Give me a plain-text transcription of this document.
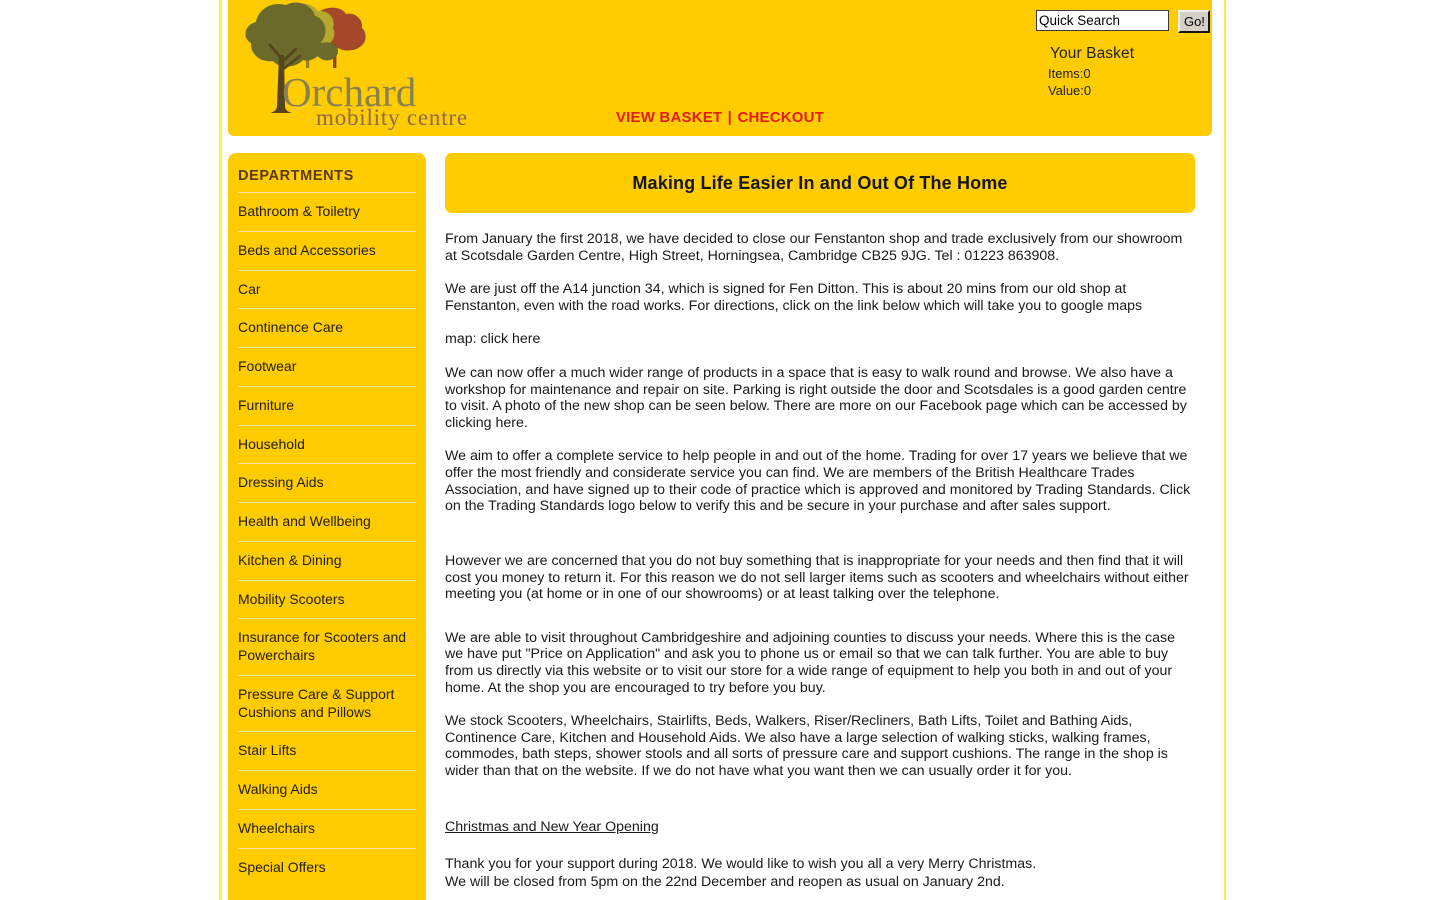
Orchard
mobility centre
Quick Search Go!
Your Basket
Items:0
Value:0
VIEW BASKET | CHECKOUT
DEPARTMENTS
Bathroom & Toiletry
Beds and Accessories
Car
Continence Care
Footwear
Furniture
Household
Dressing Aids
Health and Wellbeing
Kitchen & Dining
Mobility Scooters
Insurance for Scooters and Powerchairs
Pressure Care & Support Cushions and Pillows
Stair Lifts
Walking Aids
Wheelchairs
Special Offers
Making Life Easier In and Out Of The Home

From January the first 2018, we have decided to close our Fenstanton shop and trade exclusively from our showroom at Scotsdale Garden Centre, High Street, Horningsea, Cambridge CB25 9JG. Tel : 01223 863908.

We are just off the A14 junction 34, which is signed for Fen Ditton. This is about 20 mins from our old shop at Fenstanton, even with the road works. For directions, click on the link below which will take you to google maps

map: click here

We can now offer a much wider range of products in a space that is easy to walk round and browse. We also have a workshop for maintenance and repair on site. Parking is right outside the door and Scotsdales is a good garden centre to visit. A photo of the new shop can be seen below. There are more on our Facebook page which can be accessed by clicking here.

We aim to offer a complete service to help people in and out of the home. Trading for over 17 years we believe that we offer the most friendly and considerate service you can find. We are members of the British Healthcare Trades Association, and have signed up to their code of practice which is approved and monitored by Trading Standards. Click on the Trading Standards logo below to verify this and be secure in your purchase and after sales support.

However we are concerned that you do not buy something that is inappropriate for your needs and then find that it will cost you money to return it. For this reason we do not sell larger items such as scooters and wheelchairs without either meeting you (at home or in one of our showrooms) or at least talking over the telephone.

We are able to visit throughout Cambridgeshire and adjoining counties to discuss your needs. Where this is the case we have put "Price on Application" and ask you to phone us or email so that we can talk further. You are able to buy from us directly via this website or to visit our store for a wide range of equipment to help you both in and out of your home. At the shop you are encouraged to try before you buy.

We stock Scooters, Wheelchairs, Stairlifts, Beds, Walkers, Riser/Recliners, Bath Lifts, Toilet and Bathing Aids, Continence Care, Kitchen and Household Aids. We also have a large selection of walking sticks, walking frames, commodes, bath steps, shower stools and all sorts of pressure care and support cushions. The range in the shop is wider than that on the website. If we do not have what you want then we can usually order it for you.

Christmas and New Year Opening
Thank you for your support during 2018. We would like to wish you all a very Merry Christmas.
We will be closed from 5pm on the 22nd December and reopen as usual on January 2nd.
